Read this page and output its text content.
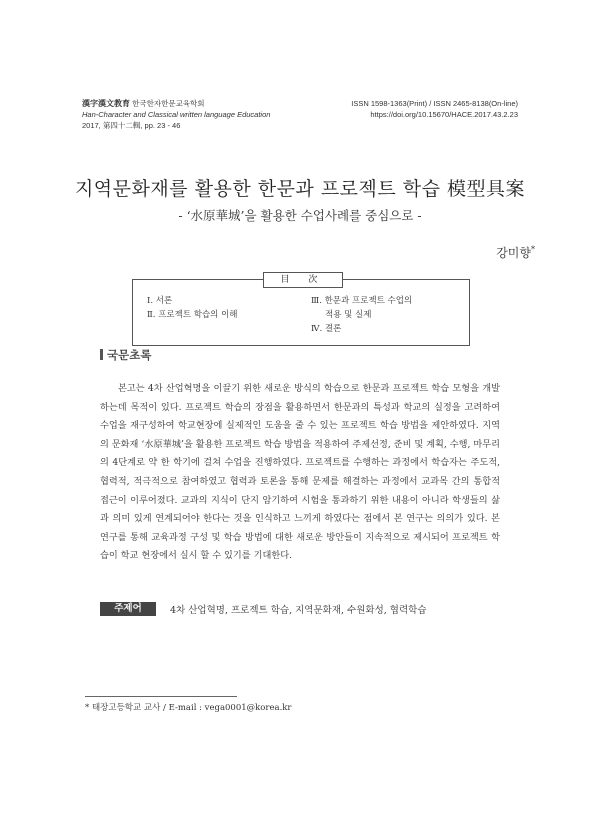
漢字漢文教育 한국한자한문교육학회
Han-Character and Classical written language Education
2017, 第四十二輯, pp. 23 - 46
ISSN 1598-1363(Print) / ISSN 2465-8138(On-line)
https://doi.org/10.15670/HACE.2017.43.2.23
지역문화재를 활용한 한문과 프로젝트 학습 模型具案
- ‘水原華城’을 활용한 수업사례를 중심으로 -
강미향*
目 次
Ⅰ. 서론
Ⅱ. 프로젝트 학습의 이해
Ⅲ. 한문과 프로젝트 수업의
적용 및 실제
Ⅳ. 결론
국문초록
본고는 4차 산업혁명을 이끌기 위한 새로운 방식의 학습으로 한문과 프로젝트 학습 모형을 개발하는데 목적이 있다. 프로젝트 학습의 장점을 활용하면서 한문과의 특성과 학교의 실정을 고려하여 수업을 재구성하여 학교현장에 실제적인 도움을 줄 수 있는 프로젝트 학습 방법을 제안하였다. 지역의 문화재 ‘水原華城’을 활용한 프로젝트 학습 방법을 적용하여 주제선정, 준비 및 계획, 수행, 마무리의 4단계로 약 한 학기에 걸쳐 수업을 진행하였다. 프로젝트를 수행하는 과정에서 학습자는 주도적, 협력적, 적극적으로 참여하였고 협력과 토론을 통해 문제를 해결하는 과정에서 교과목 간의 통합적 접근이 이루어졌다. 교과의 지식이 단지 암기하여 시험을 통과하기 위한 내용이 아니라 학생들의 삶과 의미 있게 연계되어야 한다는 것을 인식하고 느끼게 하였다는 점에서 본 연구는 의의가 있다. 본 연구를 통해 교육과정 구성 및 학습 방법에 대한 새로운 방안들이 지속적으로 제시되어 프로젝트 학습이 학교 현장에서 실시 할 수 있기를 기대한다.
주제어	4차 산업혁명, 프로젝트 학습, 지역문화재, 수원화성, 협력학습
* 태장고등학교 교사 / E-mail : vega0001@korea.kr
